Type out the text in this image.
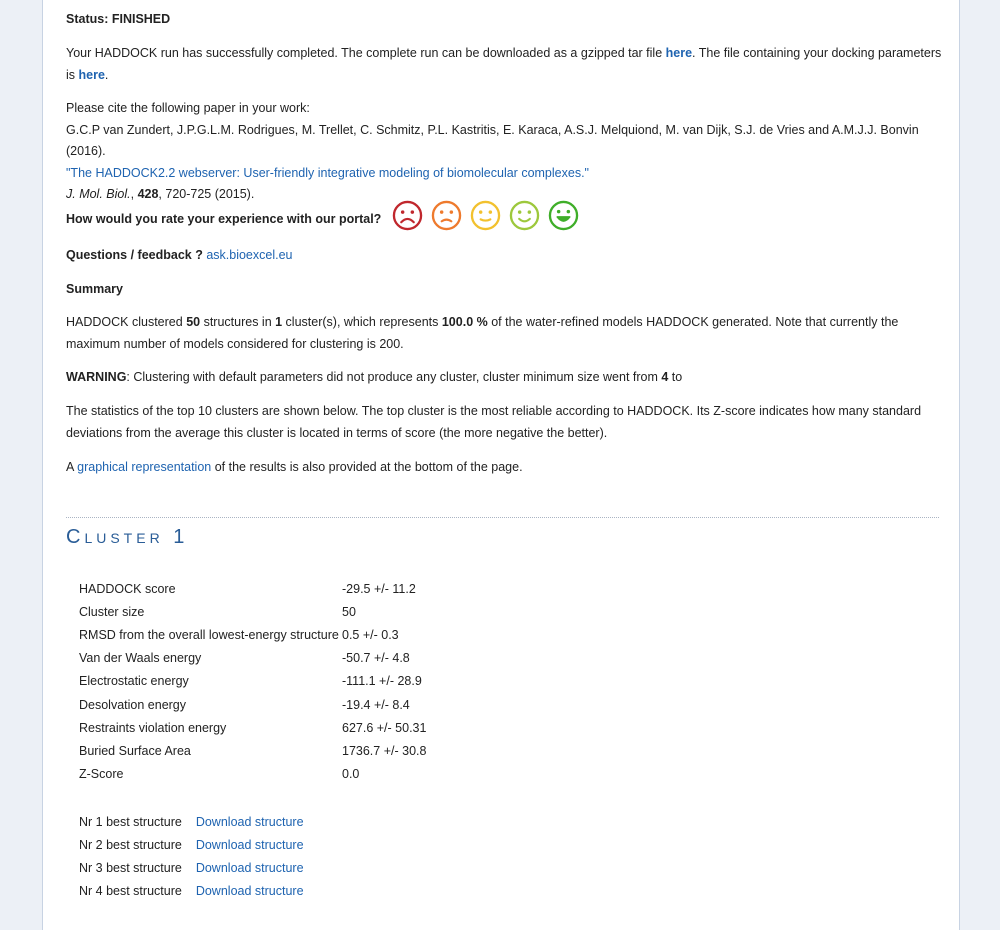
Status: FINISHED
Your HADDOCK run has successfully completed. The complete run can be downloaded as a gzipped tar file here. The file containing your docking parameters is here.
Please cite the following paper in your work:
G.C.P van Zundert, J.P.G.L.M. Rodrigues, M. Trellet, C. Schmitz, P.L. Kastritis, E. Karaca, A.S.J. Melquiond, M. van Dijk, S.J. de Vries and A.M.J.J. Bonvin (2016).
"The HADDOCK2.2 webserver: User-friendly integrative modeling of biomolecular complexes."
J. Mol. Biol., 428, 720-725 (2015).
How would you rate your experience with our portal?
Questions / feedback ? ask.bioexcel.eu
Summary
HADDOCK clustered 50 structures in 1 cluster(s), which represents 100.0 % of the water-refined models HADDOCK generated. Note that currently the maximum number of models considered for clustering is 200.
WARNING: Clustering with default parameters did not produce any cluster, cluster minimum size went from 4 to
The statistics of the top 10 clusters are shown below. The top cluster is the most reliable according to HADDOCK. Its Z-score indicates how many standard deviations from the average this cluster is located in terms of score (the more negative the better).
A graphical representation of the results is also provided at the bottom of the page.
Cluster 1
HADDOCK score	-29.5 +/- 11.2
Cluster size	50
RMSD from the overall lowest-energy structure	0.5 +/- 0.3
Van der Waals energy	-50.7 +/- 4.8
Electrostatic energy	-111.1 +/- 28.9
Desolvation energy	-19.4 +/- 8.4
Restraints violation energy	627.6 +/- 50.31
Buried Surface Area	1736.7 +/- 30.8
Z-Score	0.0
Nr 1 best structure	Download structure
Nr 2 best structure	Download structure
Nr 3 best structure	Download structure
Nr 4 best structure	Download structure
